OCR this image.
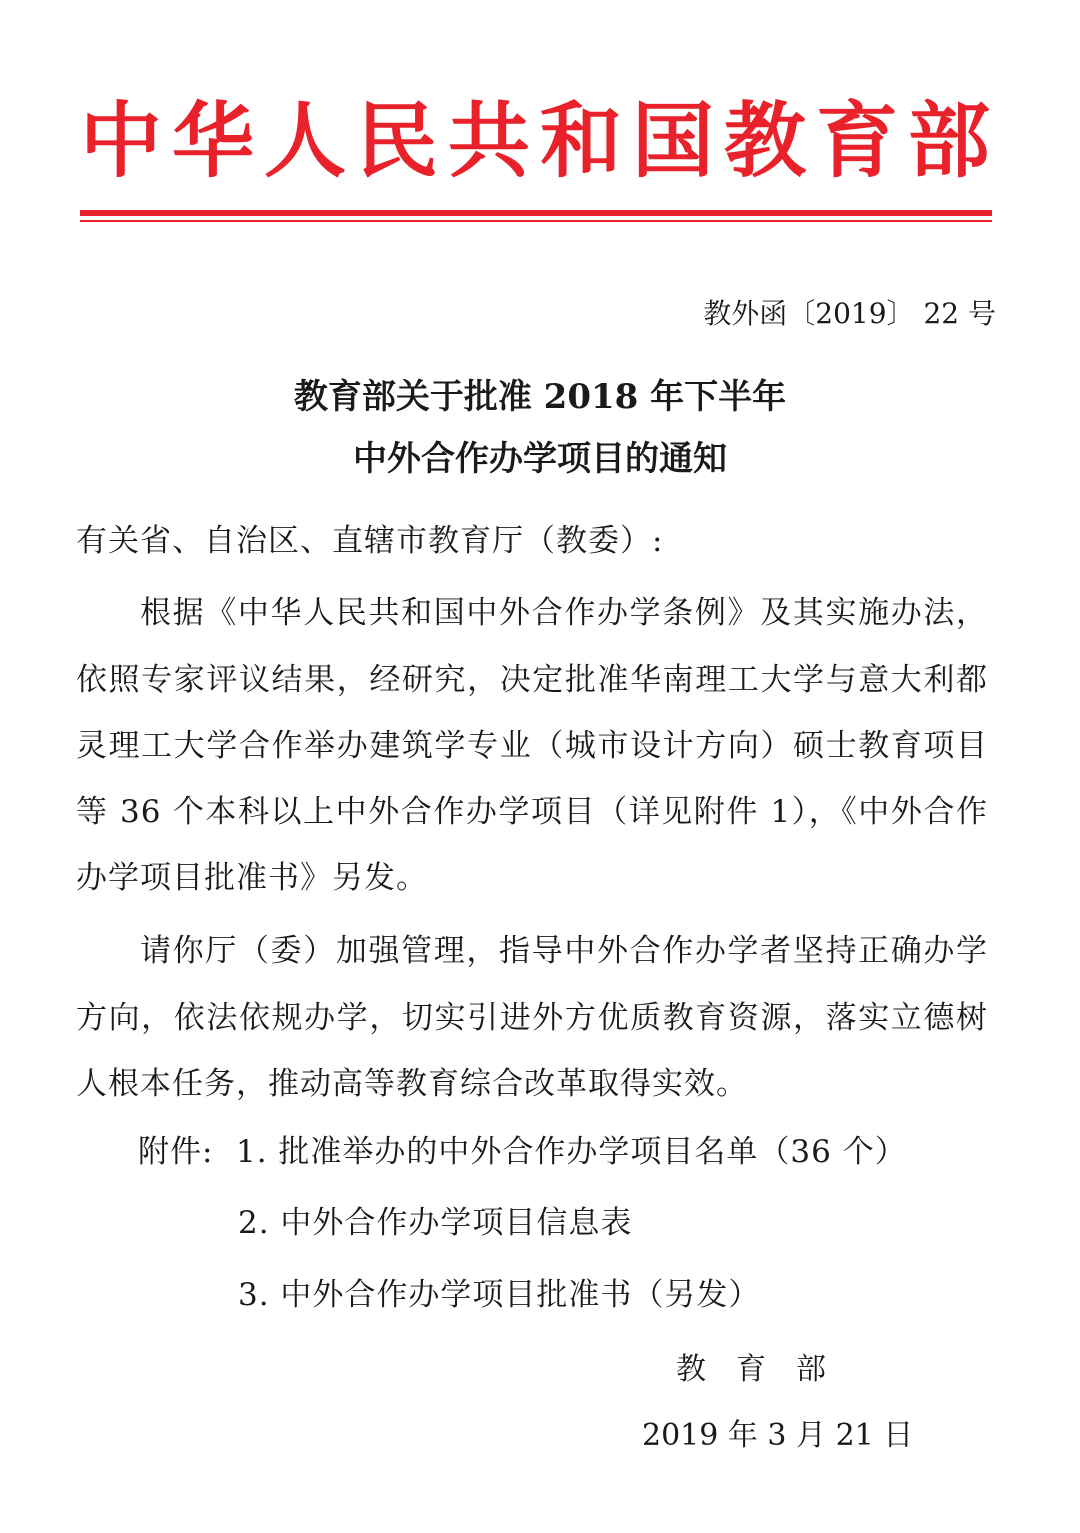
中华人民共和国教育部
教外函〔2019〕 22 号
教育部关于批准 2018 年下半年
中外合作办学项目的通知
有关省、自治区、直辖市教育厅（教委）:
根据《中华人民共和国中外合作办学条例》及其实施办法，
依照专家评议结果，经研究，决定批准华南理工大学与意大利都
灵理工大学合作举办建筑学专业（城市设计方向）硕士教育项目
等 36 个本科以上中外合作办学项目（详见附件 1），《中外合作
办学项目批准书》另发。
请你厅（委）加强管理，指导中外合作办学者坚持正确办学
方向，依法依规办学，切实引进外方优质教育资源，落实立德树
人根本任务，推动高等教育综合改革取得实效。
附件: 1. 批准举办的中外合作办学项目名单（36 个）
2. 中外合作办学项目信息表
3. 中外合作办学项目批准书（另发）
教　育　部
2019 年 3 月 21 日
